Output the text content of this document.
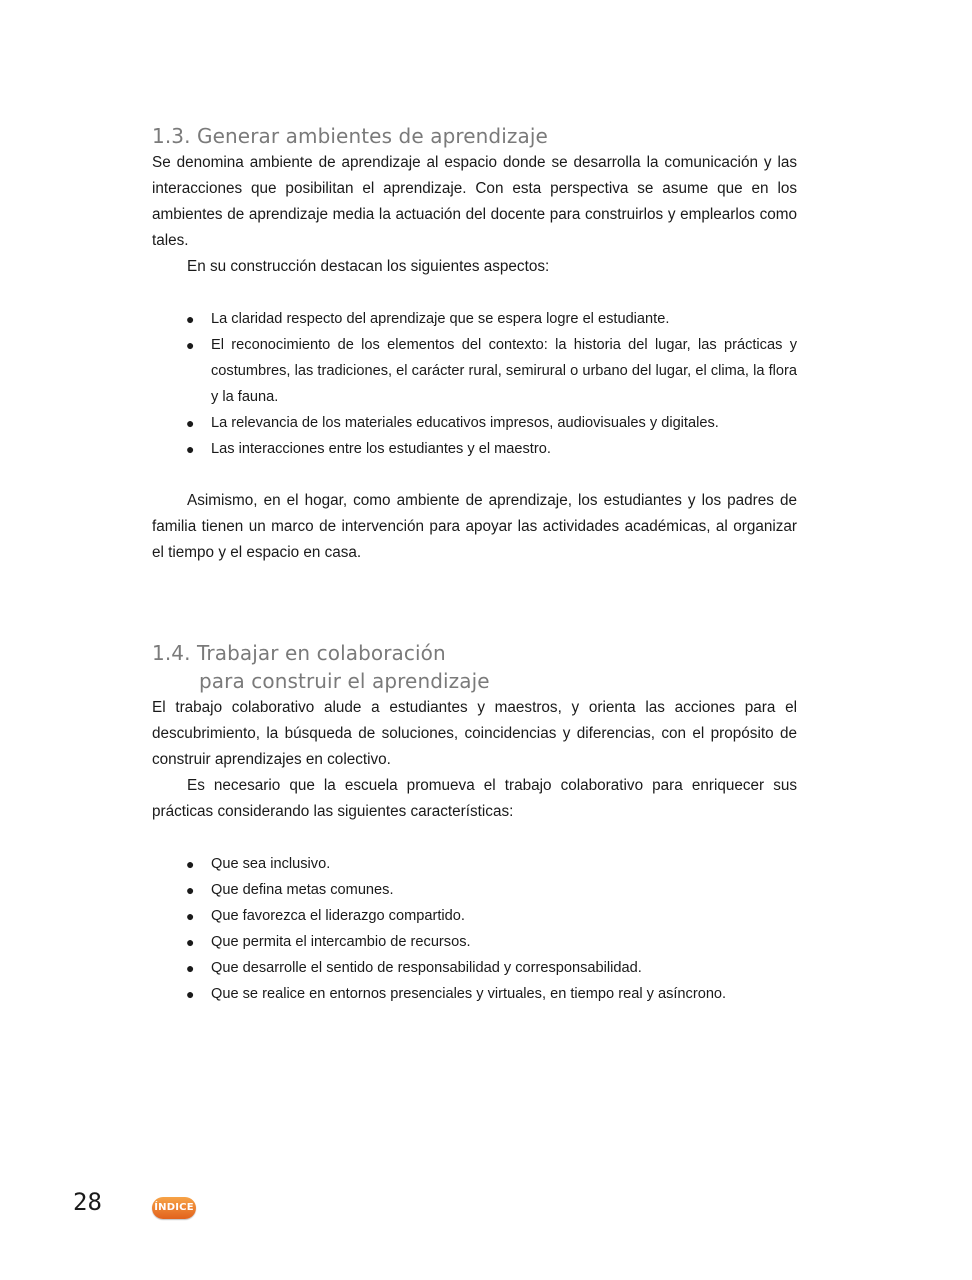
1.3. Generar ambientes de aprendizaje

Se denomina ambiente de aprendizaje al espacio donde se desarrolla la comunicación y las interacciones que posibilitan el aprendizaje. Con esta perspectiva se asume que en los ambientes de aprendizaje media la actuación del docente para construirlos y emplearlos como tales.

En su construcción destacan los siguientes aspectos:

● La claridad respecto del aprendizaje que se espera logre el estudiante.
● El reconocimiento de los elementos del contexto: la historia del lugar, las prácticas y costumbres, las tradiciones, el carácter rural, semirural o urbano del lugar, el clima, la flora y la fauna.
● La relevancia de los materiales educativos impresos, audiovisuales y digitales.
● Las interacciones entre los estudiantes y el maestro.

Asimismo, en el hogar, como ambiente de aprendizaje, los estudiantes y los padres de familia tienen un marco de intervención para apoyar las actividades académicas, al organizar el tiempo y el espacio en casa.

1.4. Trabajar en colaboración
para construir el aprendizaje

El trabajo colaborativo alude a estudiantes y maestros, y orienta las acciones para el descubrimiento, la búsqueda de soluciones, coincidencias y diferencias, con el propósito de construir aprendizajes en colectivo.

Es necesario que la escuela promueva el trabajo colaborativo para enriquecer sus prácticas considerando las siguientes características:

● Que sea inclusivo.
● Que defina metas comunes.
● Que favorezca el liderazgo compartido.
● Que permita el intercambio de recursos.
● Que desarrolle el sentido de responsabilidad y corresponsabilidad.
● Que se realice en entornos presenciales y virtuales, en tiempo real y asíncrono.
28	ÍNDICE
